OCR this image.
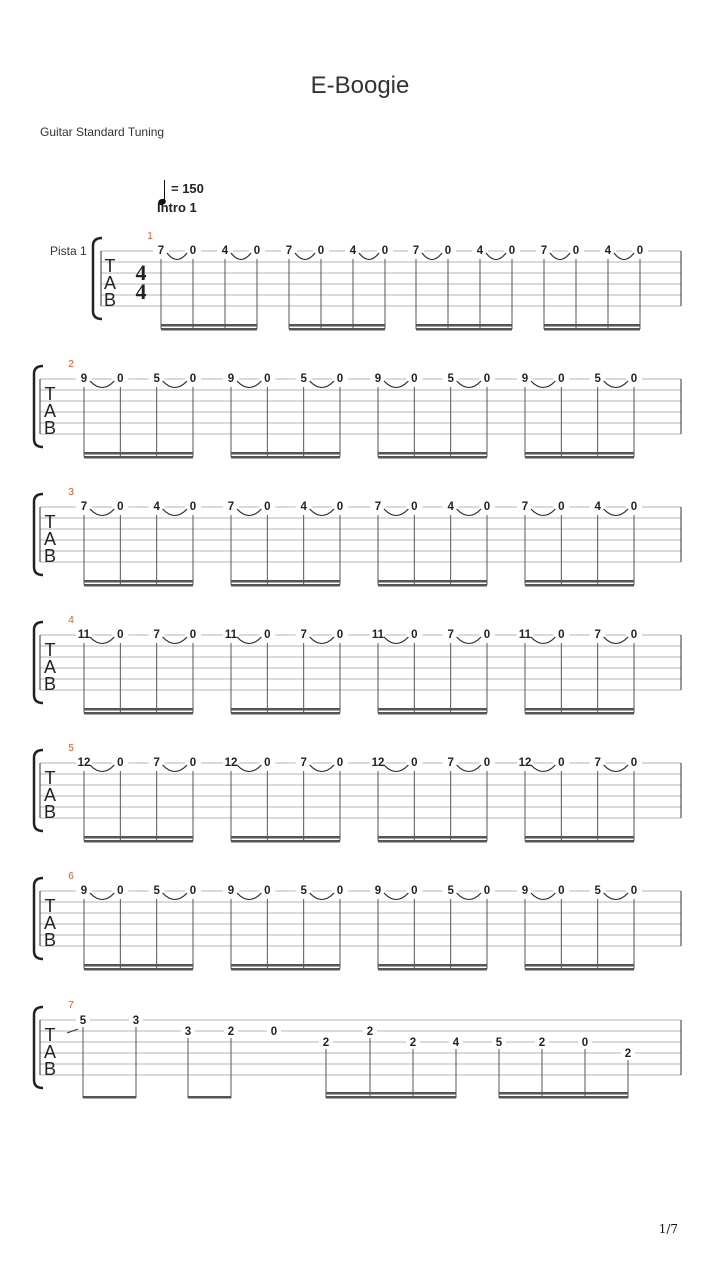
E-Boogie
Guitar Standard Tuning
= 150
Intro 1
Pista 1
T
A
B
4
4
1
7 0 4 0 7 0 4 0 7 0 4 0 7 0 4 0
T
A
B
2
9	0	5	0	9	0	5	0	9	0	5	0	9	0	5	0
T
A
B
3
7	0	4	0	7	0	4	0	7	0	4	0	7	0	4	0
T
A
B
4
11 0	7	0 11 0	7	0 11 0	7	0 11 0	7	0
T
A
B
5
12 0	7	0 12 0	7	0 12 0	7	0 12 0	7	0
T
A
B
6
9	0	5	0	9	0	5	0	9	0	5	0	9	0	5	0
T
A
B
7
5	3
3	2	0
2
2
2	4	5	2	0
2
1/7
